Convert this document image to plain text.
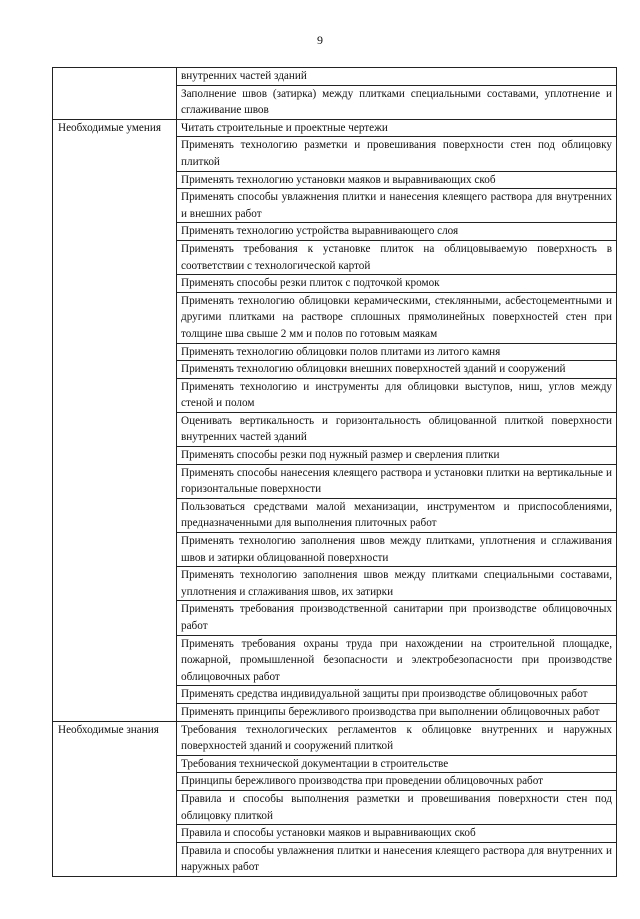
9
	внутренних частей зданий
	Заполнение швов (затирка) между плитками специальными составами, уплотнение и сглаживание швов
Необходимые умения	Читать строительные и проектные чертежи
	Применять технологию разметки и провешивания поверхности стен под облицовку плиткой
	Применять технологию установки маяков и выравнивающих скоб
	Применять способы увлажнения плитки и нанесения клеящего раствора для внутренних и внешних работ
	Применять технологию устройства выравнивающего слоя
	Применять требования к установке плиток на облицовываемую поверхность в соответствии с технологической картой
	Применять способы резки плиток с подточкой кромок
	Применять технологию облицовки керамическими, стеклянными, асбестоцементными и другими плитками на растворе сплошных прямолинейных поверхностей стен при толщине шва свыше 2 мм и полов по готовым маякам
	Применять технологию облицовки полов плитами из литого камня
	Применять технологию облицовки внешних поверхностей зданий и сооружений
	Применять технологию и инструменты для облицовки выступов, ниш, углов между стеной и полом
	Оценивать вертикальность и горизонтальность облицованной плиткой поверхности внутренних частей зданий
	Применять способы резки под нужный размер и сверления плитки
	Применять способы нанесения клеящего раствора и установки плитки на вертикальные и горизонтальные поверхности
	Пользоваться средствами малой механизации, инструментом и приспособлениями, предназначенными для выполнения плиточных работ
	Применять технологию заполнения швов между плитками, уплотнения и сглаживания швов и затирки облицованной поверхности
	Применять технологию заполнения швов между плитками специальными составами, уплотнения и сглаживания швов, их затирки
	Применять требования производственной санитарии при производстве облицовочных работ
	Применять требования охраны труда при нахождении на строительной площадке, пожарной, промышленной безопасности и электробезопасности при производстве облицовочных работ
	Применять средства индивидуальной защиты при производстве облицовочных работ
	Применять принципы бережливого производства при выполнении облицовочных работ
Необходимые знания	Требования технологических регламентов к облицовке внутренних и наружных поверхностей зданий и сооружений плиткой
	Требования технической документации в строительстве
	Принципы бережливого производства при проведении облицовочных работ
	Правила и способы выполнения разметки и провешивания поверхности стен под облицовку плиткой
	Правила и способы установки маяков и выравнивающих скоб
	Правила и способы увлажнения плитки и нанесения клеящего раствора для внутренних и наружных работ
